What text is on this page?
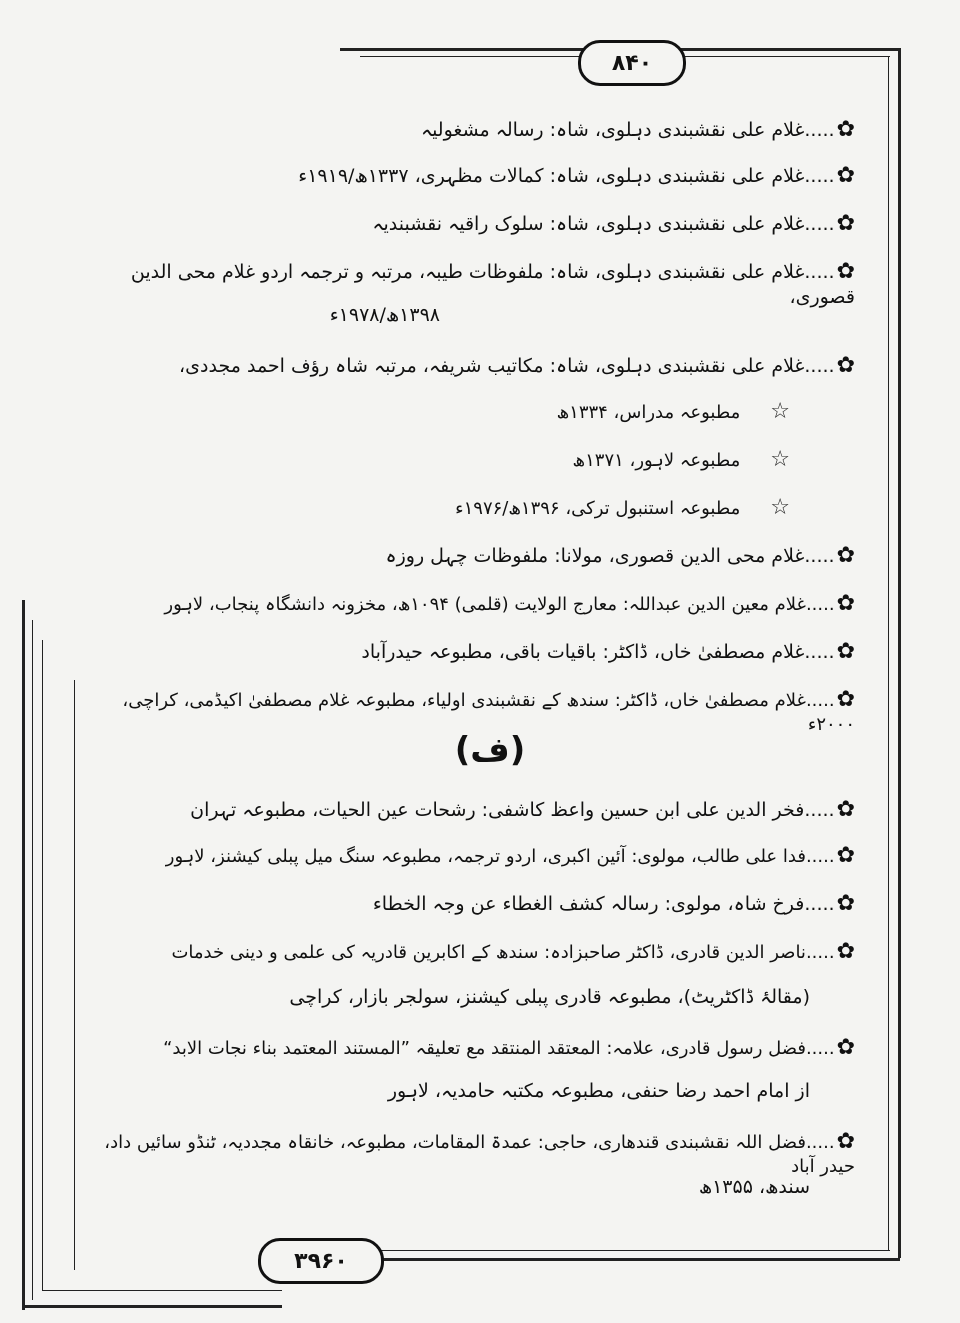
۸۴۰
۳۹۶۰
✿.....غلام علی نقشبندی دہلوی، شاہ: رسالہ مشغولیہ
✿.....غلام علی نقشبندی دہلوی، شاہ: کمالات مظہری، ۱۳۳۷ھ/۱۹۱۹ء
✿.....غلام علی نقشبندی دہلوی، شاہ: سلوک راقیہ نقشبندیہ
✿.....غلام علی نقشبندی دہلوی، شاہ: ملفوظات طیبہ، مرتبہ و ترجمہ اردو غلام محی الدین قصوری،
۱۳۹۸ھ/۱۹۷۸ء
✿.....غلام علی نقشبندی دہلوی، شاہ: مکاتیب شریفہ، مرتبہ شاہ رؤف احمد مجددی،
☆مطبوعہ مدراس، ۱۳۳۴ھ
☆مطبوعہ لاہور، ۱۳۷۱ھ
☆مطبوعہ استنبول ترکی، ۱۳۹۶ھ/۱۹۷۶ء
✿.....غلام محی الدین قصوری، مولانا: ملفوظات چہل روزہ
✿.....غلام معین الدین عبداللہ: معارج الولایت (قلمی) ۱۰۹۴ھ، مخزونہ دانشگاہ پنجاب، لاہور
✿.....غلام مصطفیٰ خاں، ڈاکٹر: باقیات باقی، مطبوعہ حیدرآباد
✿.....غلام مصطفیٰ خاں، ڈاکٹر: سندھ کے نقشبندی اولیاء، مطبوعہ غلام مصطفیٰ اکیڈمی، کراچی، ۲۰۰۰ء
(ف)
✿.....فخر الدین علی ابن حسین واعظ کاشفی: رشحات عین الحیات، مطبوعہ تہران
✿.....فدا علی طالب، مولوی: آئین اکبری، اردو ترجمہ، مطبوعہ سنگ میل پبلی کیشنز، لاہور
✿.....فرخ شاہ، مولوی: رسالہ کشف الغطاء عن وجہ الخطاء
✿.....ناصر الدین قادری، ڈاکٹر صاحبزادہ: سندھ کے اکابرین قادریہ کی علمی و دینی خدمات
(مقالۂ ڈاکٹریٹ)، مطبوعہ قادری پبلی کیشنز، سولجر بازار، کراچی
✿.....فضل رسول قادری، علامہ: المعتقد المنتقد مع تعلیقہ ”المستند المعتمد بناء نجات الابد“
از امام احمد رضا حنفی، مطبوعہ مکتبہ حامدیہ، لاہور
✿.....فضل اللہ نقشبندی قندھاری، حاجی: عمدۃ المقامات، مطبوعہ، خانقاہ مجددیہ، ٹنڈو سائیں داد، حیدر آباد
سندھ، ۱۳۵۵ھ
